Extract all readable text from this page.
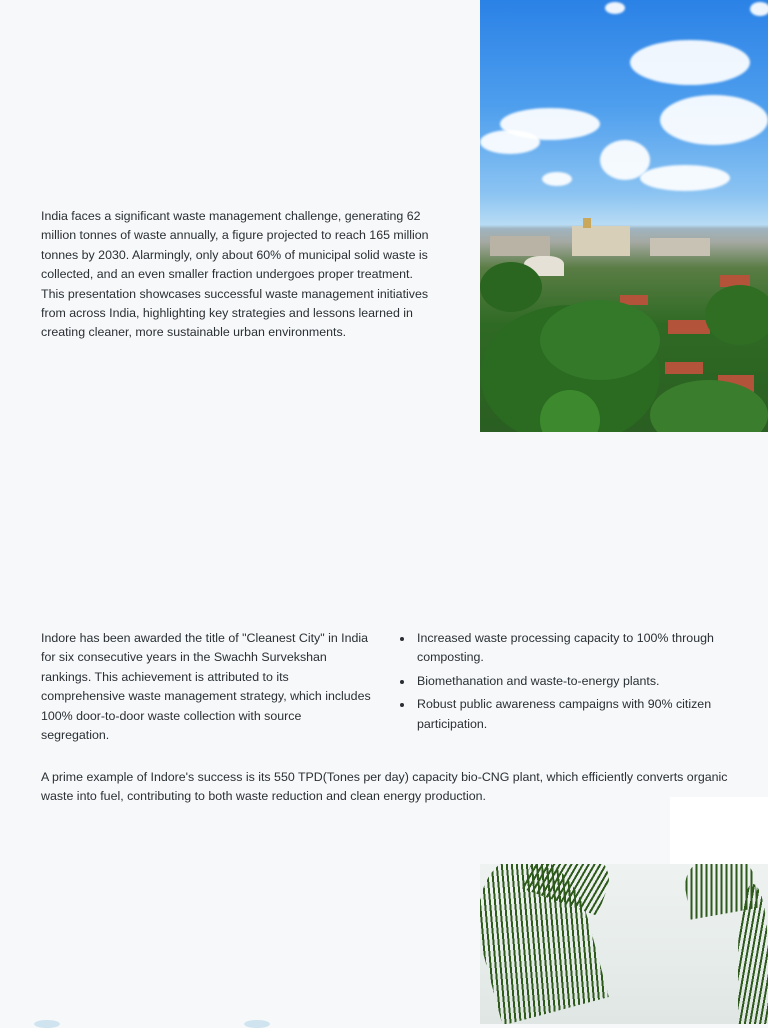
India faces a significant waste management challenge, generating 62 million tonnes of waste annually, a figure projected to reach 165 million tonnes by 2030. Alarmingly, only about 60% of municipal solid waste is collected, and an even smaller fraction undergoes proper treatment. This presentation showcases successful waste management initiatives from across India, highlighting key strategies and lessons learned in creating cleaner, more sustainable urban environments.

Indore has been awarded the title of "Cleanest City" in India for six consecutive years in the Swachh Survekshan rankings. This achievement is attributed to its comprehensive waste management strategy, which includes 100% door-to-door waste collection with source segregation.

Increased waste processing capacity to 100% through composting.
Biomethanation and waste-to-energy plants.
Robust public awareness campaigns with 90% citizen participation.

A prime example of Indore's success is its 550 TPD(Tones per day) capacity bio-CNG plant, which efficiently converts organic waste into fuel, contributing to both waste reduction and clean energy production.
